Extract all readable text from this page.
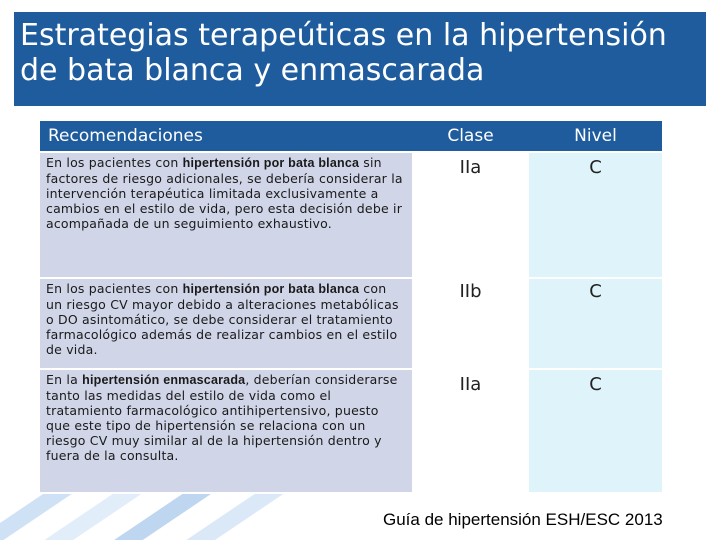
Estrategias terapeúticas en la hipertensión
de bata blanca y enmascarada
Recomendaciones	Clase	Nivel
En los pacientes con hipertensión por bata blanca sin factores de riesgo adicionales, se debería considerar la intervención terapéutica limitada exclusivamente a cambios en el estilo de vida, pero esta decisión debe ir acompañada de un seguimiento exhaustivo.	IIa	C
En los pacientes con hipertensión por bata blanca con un riesgo CV mayor debido a alteraciones metabólicas o DO asintomático, se debe considerar el tratamiento farmacológico además de realizar cambios en el estilo de vida.	IIb	C
En la hipertensión enmascarada, deberían considerarse tanto las medidas del estilo de vida como el tratamiento farmacológico antihipertensivo, puesto que este tipo de hipertensión se relaciona con un riesgo CV muy similar al de la hipertensión dentro y fuera de la consulta.	IIa	C
Guía de hipertensión ESH/ESC 2013
